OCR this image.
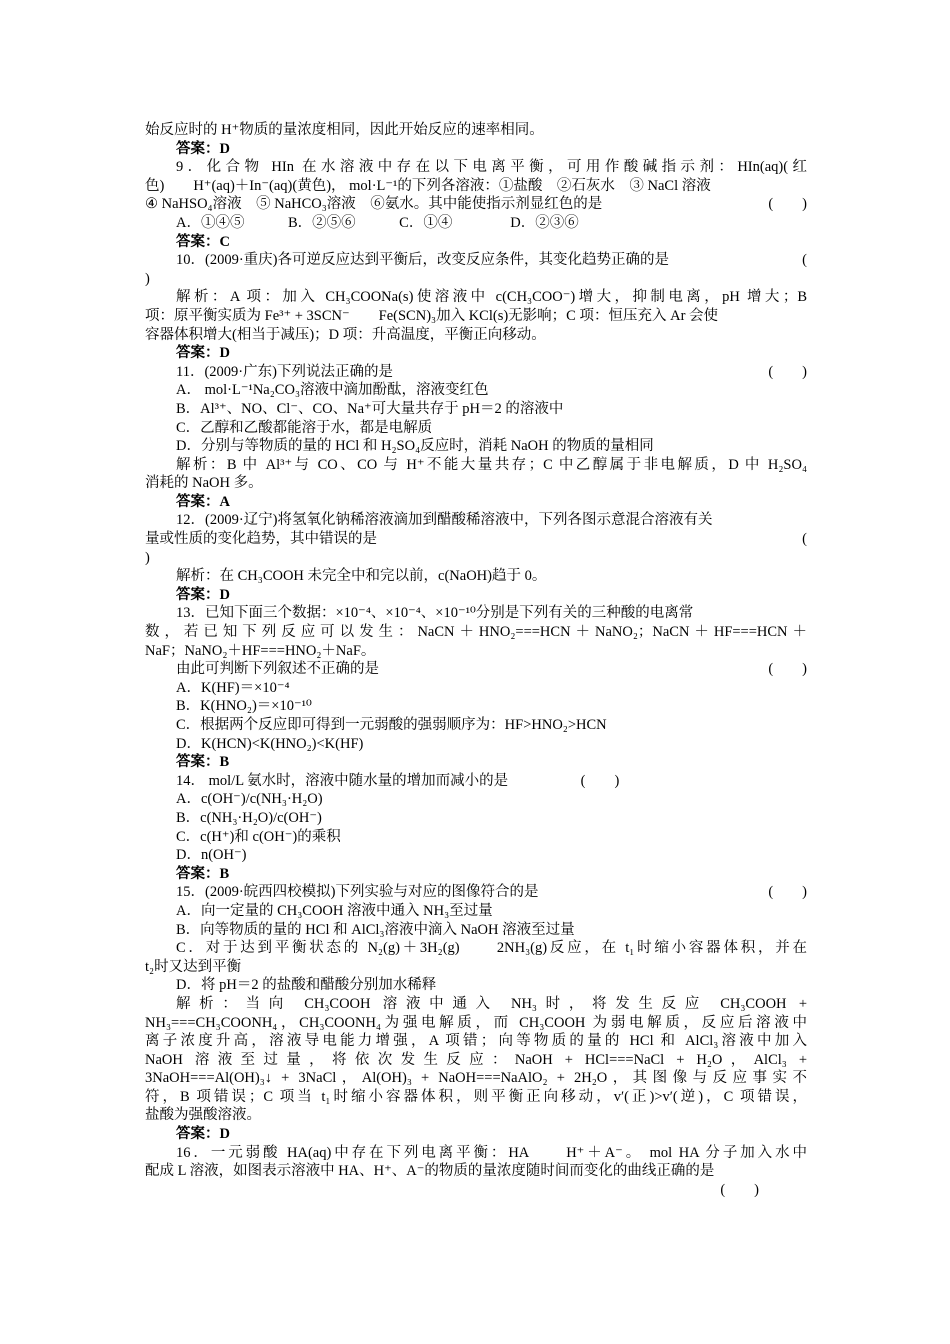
始反应时的 H⁺物质的量浓度相同，因此开始反应的速率相同。
答案：D
9．化合物 HIn 在水溶液中存在以下电离平衡，可用作酸碱指示剂：HIn(aq)(红
色)　　H⁺(aq)＋In⁻(aq)(黄色)， mol·L⁻¹的下列各溶液：①盐酸　②石灰水　③ NaCl 溶液
④ NaHSO₄溶液　⑤ NaHCO₃溶液　⑥氨水。其中能使指示剂显红色的是	(　　)
A．①④⑤　　　B．②⑤⑥　　　C．①④　　　　D．②③⑥
答案：C
10．(2009·重庆)各可逆反应达到平衡后，改变反应条件，其变化趋势正确的是	(
)
解析：A 项：加入 CH₃COONa(s)使溶液中 c(CH₃COO⁻)增大，抑制电离，pH 增大；B
项：原平衡实质为 Fe³⁺ + 3SCN⁻　　Fe(SCN)₃加入 KCl(s)无影响；C 项：恒压充入 Ar 会使
容器体积增大(相当于减压)；D 项：升高温度，平衡正向移动。
答案：D
11．(2009·广东)下列说法正确的是	(　　)
A． mol·L⁻¹Na₂CO₃溶液中滴加酚酞，溶液变红色
B．Al³⁺、NO、Cl⁻、CO、Na⁺可大量共存于 pH＝2 的溶液中
C．乙醇和乙酸都能溶于水，都是电解质
D．分别与等物质的量的 HCl 和 H₂SO₄反应时，消耗 NaOH 的物质的量相同
解析：B 中 Al³⁺与 CO、CO 与 H⁺不能大量共存；C 中乙醇属于非电解质，D 中 H₂SO₄
消耗的 NaOH 多。
答案：A
12．(2009·辽宁)将氢氧化钠稀溶液滴加到醋酸稀溶液中，下列各图示意混合溶液有关
量或性质的变化趋势，其中错误的是	(
)
解析：在 CH₃COOH 未完全中和完以前，c(NaOH)趋于 0。
答案：D
13．已知下面三个数据：×10⁻⁴、×10⁻⁴、×10⁻¹⁰分别是下列有关的三种酸的电离常
数，若已知下列反应可以发生：NaCN＋HNO₂===HCN＋NaNO₂；NaCN＋HF===HCN＋
NaF；NaNO₂＋HF===HNO₂＋NaF。
由此可判断下列叙述不正确的是	(　　)
A．K(HF)＝×10⁻⁴
B．K(HNO₂)＝×10⁻¹⁰
C．根据两个反应即可得到一元弱酸的强弱顺序为：HF>HNO₂>HCN
D．K(HCN)<K(HNO₂)<K(HF)
答案：B
14． mol/L 氨水时，溶液中随水量的增加而减小的是　　　　　(　　)
A．c(OH⁻)/c(NH₃·H₂O)
B．c(NH₃·H₂O)/c(OH⁻)
C．c(H⁺)和 c(OH⁻)的乘积
D．n(OH⁻)
答案：B
15．(2009·皖西四校模拟)下列实验与对应的图像符合的是	(　　)
A．向一定量的 CH₃COOH 溶液中通入 NH₃至过量
B．向等物质的量的 HCl 和 AlCl₃溶液中滴入 NaOH 溶液至过量
C．对于达到平衡状态的 N₂(g)＋3H₂(g)　　2NH₃(g)反应，在 t₁时缩小容器体积，并在
t₂时又达到平衡
D．将 pH＝2 的盐酸和醋酸分别加水稀释
解析：当向 CH₃COOH 溶液中通入 NH₃时，将发生反应 CH₃COOH +
NH₃===CH₃COONH₄，CH₃COONH₄为强电解质，而 CH₃COOH 为弱电解质，反应后溶液中
离子浓度升高，溶液导电能力增强，A 项错；向等物质的量的 HCl 和 AlCl₃溶液中加入
NaOH 溶液至过量，将依次发生反应：NaOH + HCl===NaCl + H₂O，AlCl₃ +
3NaOH===Al(OH)₃↓ + 3NaCl，Al(OH)₃ + NaOH===NaAlO₂ + 2H₂O，其图像与反应事实不
符，B 项错误；C 项当 t₁时缩小容器体积，则平衡正向移动，v′(正)>v′(逆)，C 项错误，
盐酸为强酸溶液。
答案：D
16．一元弱酸 HA(aq)中存在下列电离平衡：HA　　H⁺＋A⁻。 mol HA 分子加入水中
配成 L 溶液，如图表示溶液中 HA、H⁺、A⁻的物质的量浓度随时间而变化的曲线正确的是
(　　)
